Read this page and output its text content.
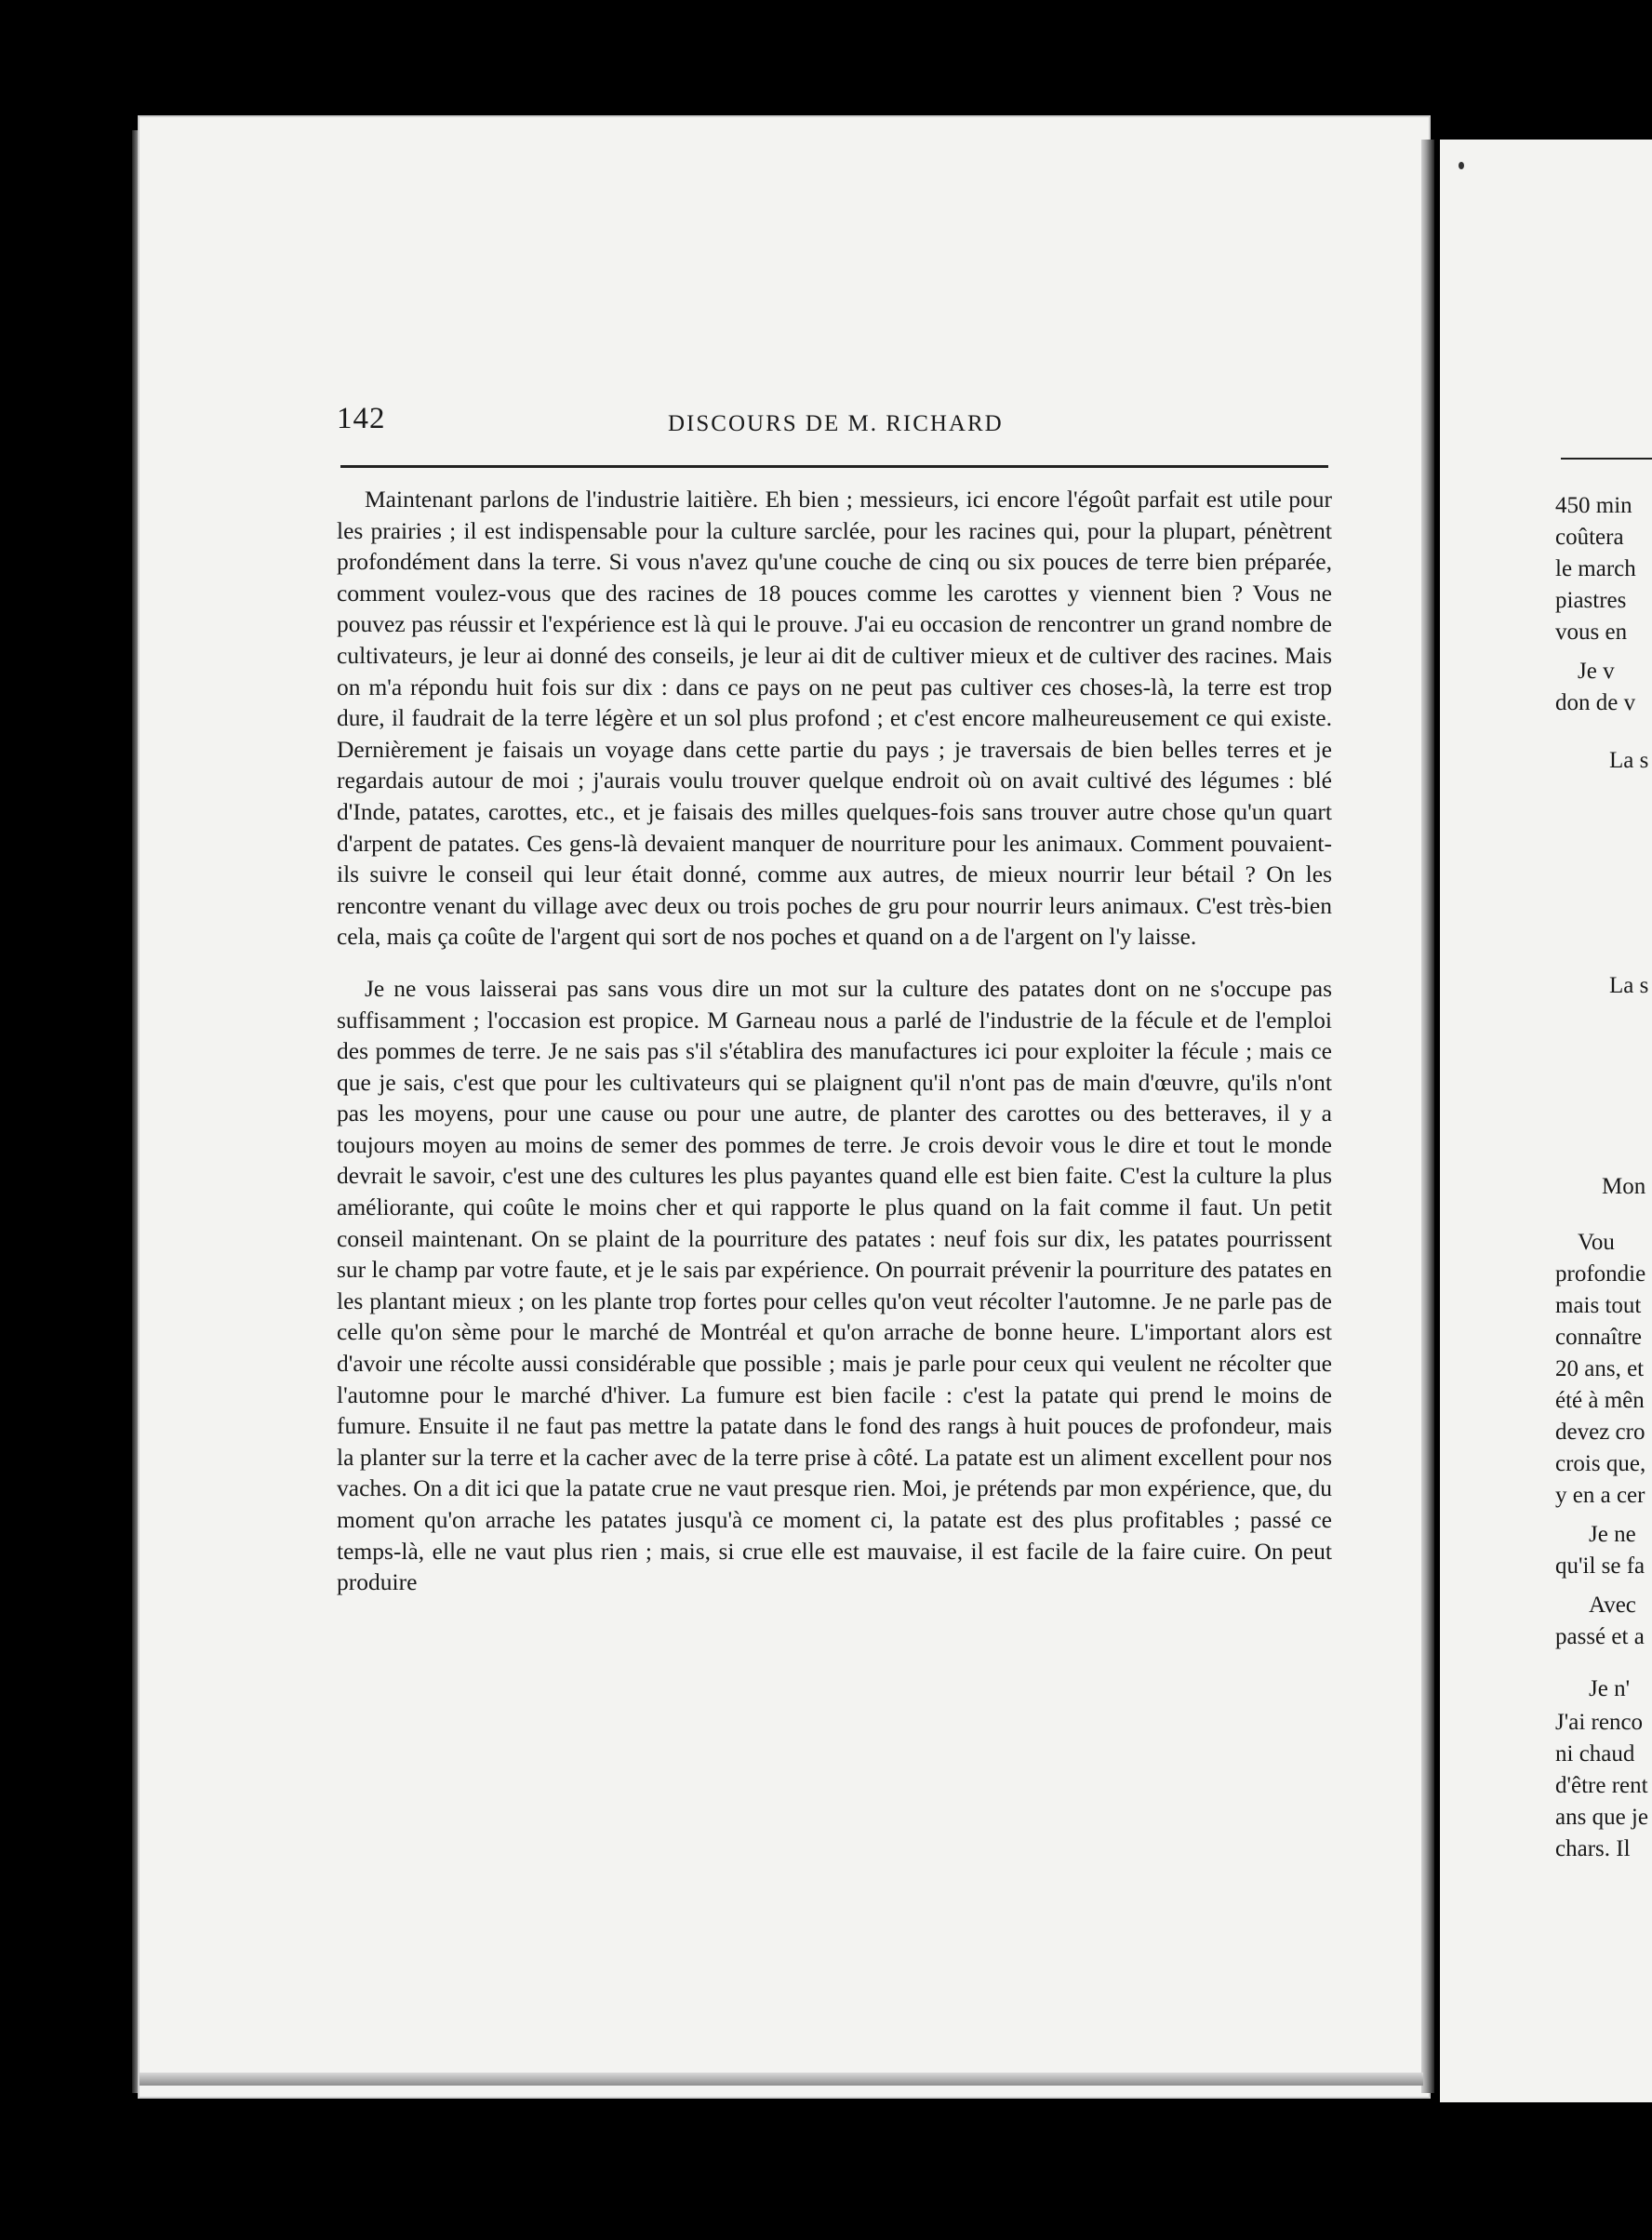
142	DISCOURS DE M. RICHARD

Maintenant parlons de l'industrie laitière. Eh bien ; messieurs, ici encore l'égoût parfait est utile pour les prairies ; il est indispensable pour la culture sarclée, pour les racines qui, pour la plupart, pénètrent profondément dans la terre. Si vous n'avez qu'une couche de cinq ou six pouces de terre bien préparée, comment voulez-vous que des racines de 18 pouces comme les carottes y viennent bien ? Vous ne pouvez pas réussir et l'expérience est là qui le prouve. J'ai eu occasion de rencontrer un grand nombre de cultivateurs, je leur ai donné des conseils, je leur ai dit de cultiver mieux et de cultiver des racines. Mais on m'a répondu huit fois sur dix : dans ce pays on ne peut pas cultiver ces choses-là, la terre est trop dure, il faudrait de la terre légère et un sol plus profond ; et c'est encore malheureusement ce qui existe. Dernièrement je faisais un voyage dans cette partie du pays ; je traversais de bien belles terres et je regardais autour de moi ; j'aurais voulu trouver quelque endroit où on avait cultivé des légumes : blé d'Inde, patates, carottes, etc., et je faisais des milles quelques-fois sans trouver autre chose qu'un quart d'arpent de patates. Ces gens-là devaient manquer de nourriture pour les animaux. Comment pouvaient-ils suivre le conseil qui leur était donné, comme aux autres, de mieux nourrir leur bétail ? On les rencontre venant du village avec deux ou trois poches de gru pour nourrir leurs animaux. C'est très-bien cela, mais ça coûte de l'argent qui sort de nos poches et quand on a de l'argent on l'y laisse.

Je ne vous laisserai pas sans vous dire un mot sur la culture des patates dont on ne s'occupe pas suffisamment ; l'occasion est propice. M Garneau nous a parlé de l'industrie de la fécule et de l'emploi des pommes de terre. Je ne sais pas s'il s'établira des manufactures ici pour exploiter la fécule ; mais ce que je sais, c'est que pour les cultivateurs qui se plaignent qu'il n'ont pas de main d'œuvre, qu'ils n'ont pas les moyens, pour une cause ou pour une autre, de planter des carottes ou des betteraves, il y a toujours moyen au moins de semer des pommes de terre. Je crois devoir vous le dire et tout le monde devrait le savoir, c'est une des cultures les plus payantes quand elle est bien faite. C'est la culture la plus améliorante, qui coûte le moins cher et qui rapporte le plus quand on la fait comme il faut. Un petit conseil maintenant. On se plaint de la pourriture des patates : neuf fois sur dix, les patates pourrissent sur le champ par votre faute, et je le sais par expérience. On pourrait prévenir la pourriture des patates en les plantant mieux ; on les plante trop fortes pour celles qu'on veut récolter l'automne. Je ne parle pas de celle qu'on sème pour le marché de Montréal et qu'on arrache de bonne heure. L'important alors est d'avoir une récolte aussi considérable que possible ; mais je parle pour ceux qui veulent ne récolter que l'automne pour le marché d'hiver. La fumure est bien facile : c'est la patate qui prend le moins de fumure. Ensuite il ne faut pas mettre la patate dans le fond des rangs à huit pouces de profondeur, mais la planter sur la terre et la cacher avec de la terre prise à côté. La patate est un aliment excellent pour nos vaches. On a dit ici que la patate crue ne vaut presque rien. Moi, je prétends par mon expérience, que, du moment qu'on arrache les patates jusqu'à ce moment ci, la patate est des plus profitables ; passé ce temps-là, elle ne vaut plus rien ; mais, si crue elle est mauvaise, il est facile de la faire cuire. On peut produire

450 min
coûtera
le march
piastres
vous en
Je v
don de v
La s
La s
Mon
Vou
profondie
mais tout
connaître
20 ans, et
été à mên
devez cro
crois que,
y en a cer
Je ne
qu'il se fa
Avec
passé et a
Je n'
J'ai renco
ni chaud
d'être rent
ans que je
chars. Il
